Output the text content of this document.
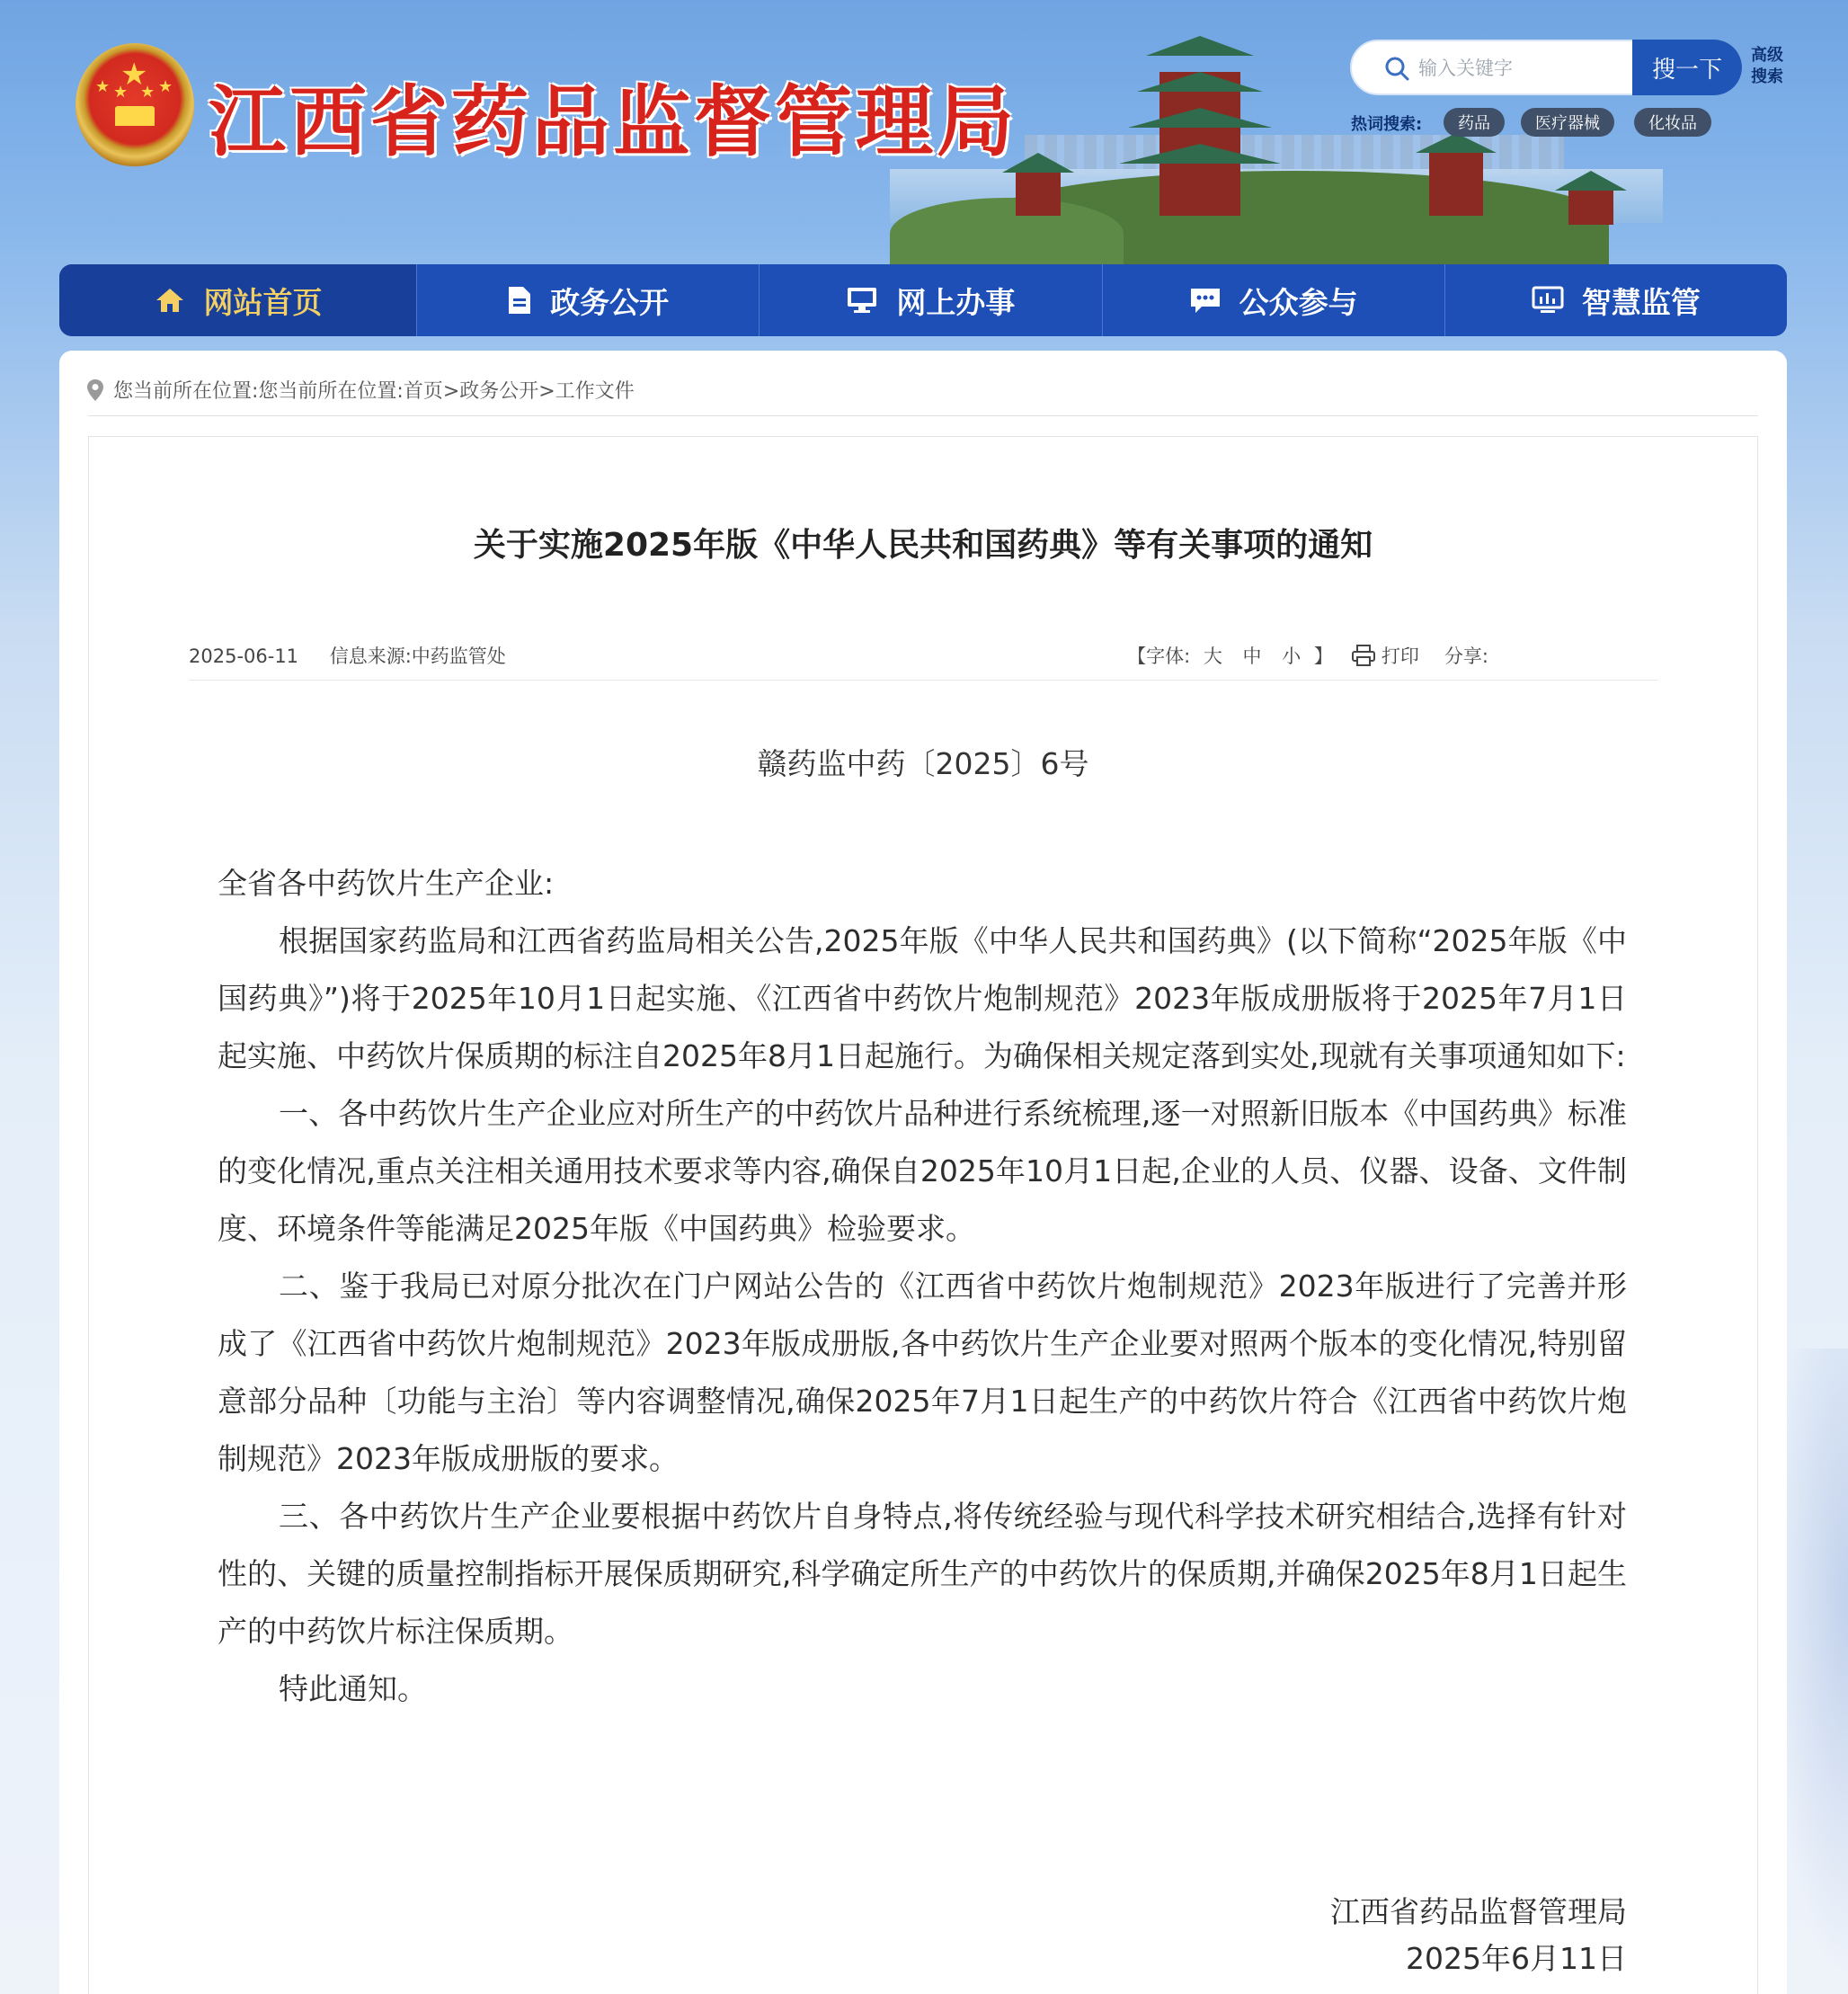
★
★ ★ ★ ★ 江西省药品监督管理局
输入关键字
搜一下
高级搜索
热词搜索:	药品	医疗器械	化妆品
网站首页	政务公开	网上办事	公众参与	智慧监管
您当前所在位置:您当前所在位置:首页>政务公开>工作文件
关于实施2025年版《中华人民共和国药典》等有关事项的通知
2025-06-11 信息来源:中药监管处	【字体: 大 中 小 】	打印 分享:
赣药监中药〔2025〕6号

全省各中药饮片生产企业:

根据国家药监局和江西省药监局相关公告,2025年版《中华人民共和国药典》(以下简称“2025年版《中国药典》”)将于2025年10月1日起实施、《江西省中药饮片炮制规范》2023年版成册版将于2025年7月1日起实施、中药饮片保质期的标注自2025年8月1日起施行。为确保相关规定落到实处,现就有关事项通知如下:

一、各中药饮片生产企业应对所生产的中药饮片品种进行系统梳理,逐一对照新旧版本《中国药典》标准的变化情况,重点关注相关通用技术要求等内容,确保自2025年10月1日起,企业的人员、仪器、设备、文件制度、环境条件等能满足2025年版《中国药典》检验要求。

二、鉴于我局已对原分批次在门户网站公告的《江西省中药饮片炮制规范》2023年版进行了完善并形成了《江西省中药饮片炮制规范》2023年版成册版,各中药饮片生产企业要对照两个版本的变化情况,特别留意部分品种〔功能与主治〕等内容调整情况,确保2025年7月1日起生产的中药饮片符合《江西省中药饮片炮制规范》2023年版成册版的要求。

三、各中药饮片生产企业要根据中药饮片自身特点,将传统经验与现代科学技术研究相结合,选择有针对性的、关键的质量控制指标开展保质期研究,科学确定所生产的中药饮片的保质期,并确保2025年8月1日起生产的中药饮片标注保质期。

特此通知。

江西省药品监督管理局
2025年6月11日
